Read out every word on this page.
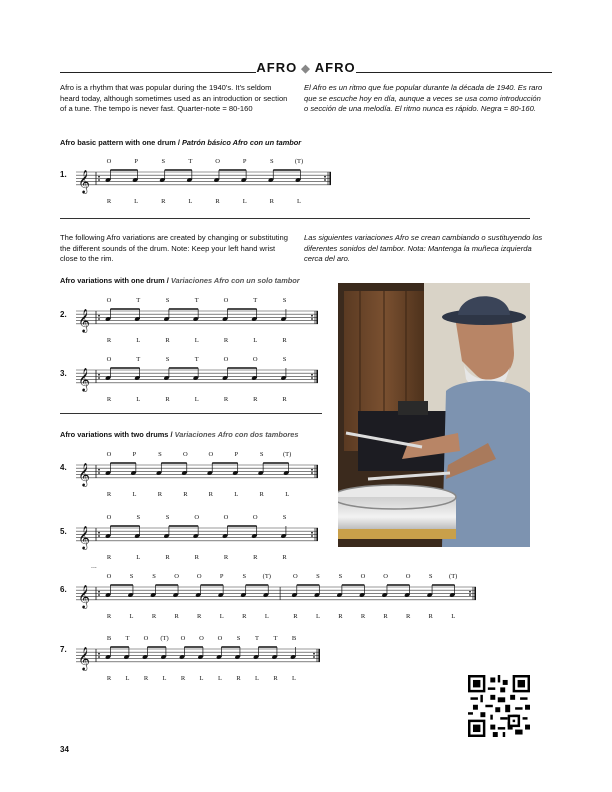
AFRO ◆ AFRO
Afro is a rhythm that was popular during the 1940's. It's seldom heard today, although sometimes used as an introduction or section of a tune. The tempo is never fast. Quarter-note = 80-160
El Afro es un ritmo que fue popular durante la década de 1940. Es raro que se escuche hoy en día, aunque a veces se usa como introducción o sección de una melodía. El ritmo nunca es rápido. Negra = 80-160.
Afro basic pattern with one drum / Patrón básico Afro con un tambor
1. 𝄞
O
R
P
L
S
R
T
L
O
R
P
L
S
R
(T)
L
The following Afro variations are created by changing or substituting the different sounds of the drum. Note: Keep your left hand wrist close to the rim.
Las siguientes variaciones Afro se crean cambiando o sustituyendo los diferentes sonidos del tambor. Nota: Mantenga la muñeca izquierda cerca del aro.
Afro variations with one drum / Variaciones Afro con un solo tambor
2. 𝄞
O
R
T
L
S
R
T
L
O
R
T
L
S
R
3. 𝄞
O
R
T
L
S
R
T
L
O
R
O
R
S
R
Afro variations with two drums / Variaciones Afro con dos tambores
4. 𝄞
O
R
P
L
S
R
O
R
O
R
P
L
S
R
(T)
L
5. 𝄞
O
R
S
L
S
R
O
R
O
R
O
R
S
R
...
6. 𝄞
O
R
S
L
S
R
O
R
O
R
P
L
S
R
(T)
L
O
R
S
L
S
R
O
R
O
R
O
R
S
R
(T)
L
7. 𝄞
B
R
T
L
O
R
(T)
L
O
R
O
L
O
L
S
R
T
L
T
R
B
L
34
